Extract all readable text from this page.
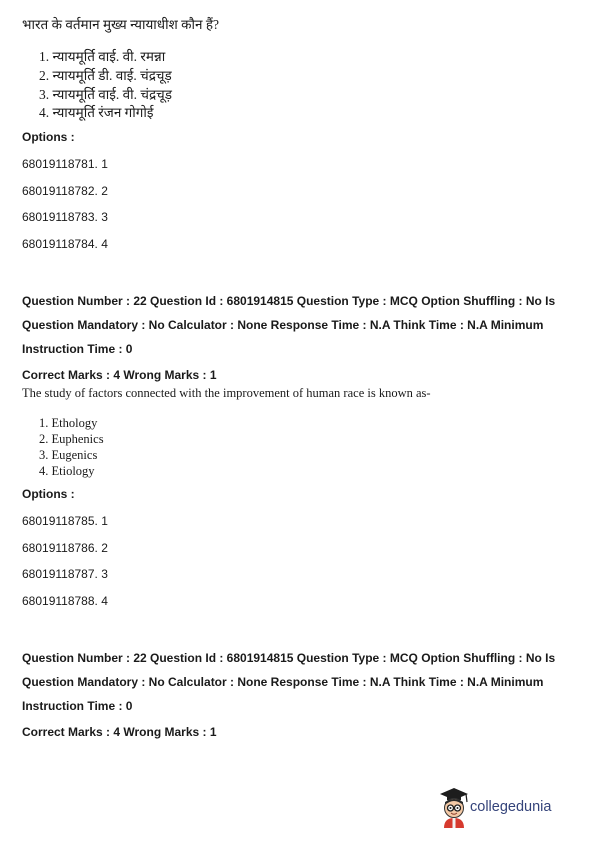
भारत के वर्तमान मुख्य न्यायाधीश कौन हैं?
1. न्यायमूर्ति वाई. वी. रमन्ना
2. न्यायमूर्ति डी. वाई. चंद्रचूड़
3. न्यायमूर्ति वाई. वी. चंद्रचूड़
4. न्यायमूर्ति रंजन गोगोई
Options :
68019118781. 1
68019118782. 2
68019118783. 3
68019118784. 4
Question Number : 22 Question Id : 6801914815 Question Type : MCQ Option Shuffling : No Is
Question Mandatory : No Calculator : None Response Time : N.A Think Time : N.A Minimum
Instruction Time : 0
Correct Marks : 4 Wrong Marks : 1
The study of factors connected with the improvement of human race is known as-
1. Ethology
2. Euphenics
3. Eugenics
4. Etiology
Options :
68019118785. 1
68019118786. 2
68019118787. 3
68019118788. 4
Question Number : 22 Question Id : 6801914815 Question Type : MCQ Option Shuffling : No Is
Question Mandatory : No Calculator : None Response Time : N.A Think Time : N.A Minimum
Instruction Time : 0
Correct Marks : 4 Wrong Marks : 1
collegedunia
